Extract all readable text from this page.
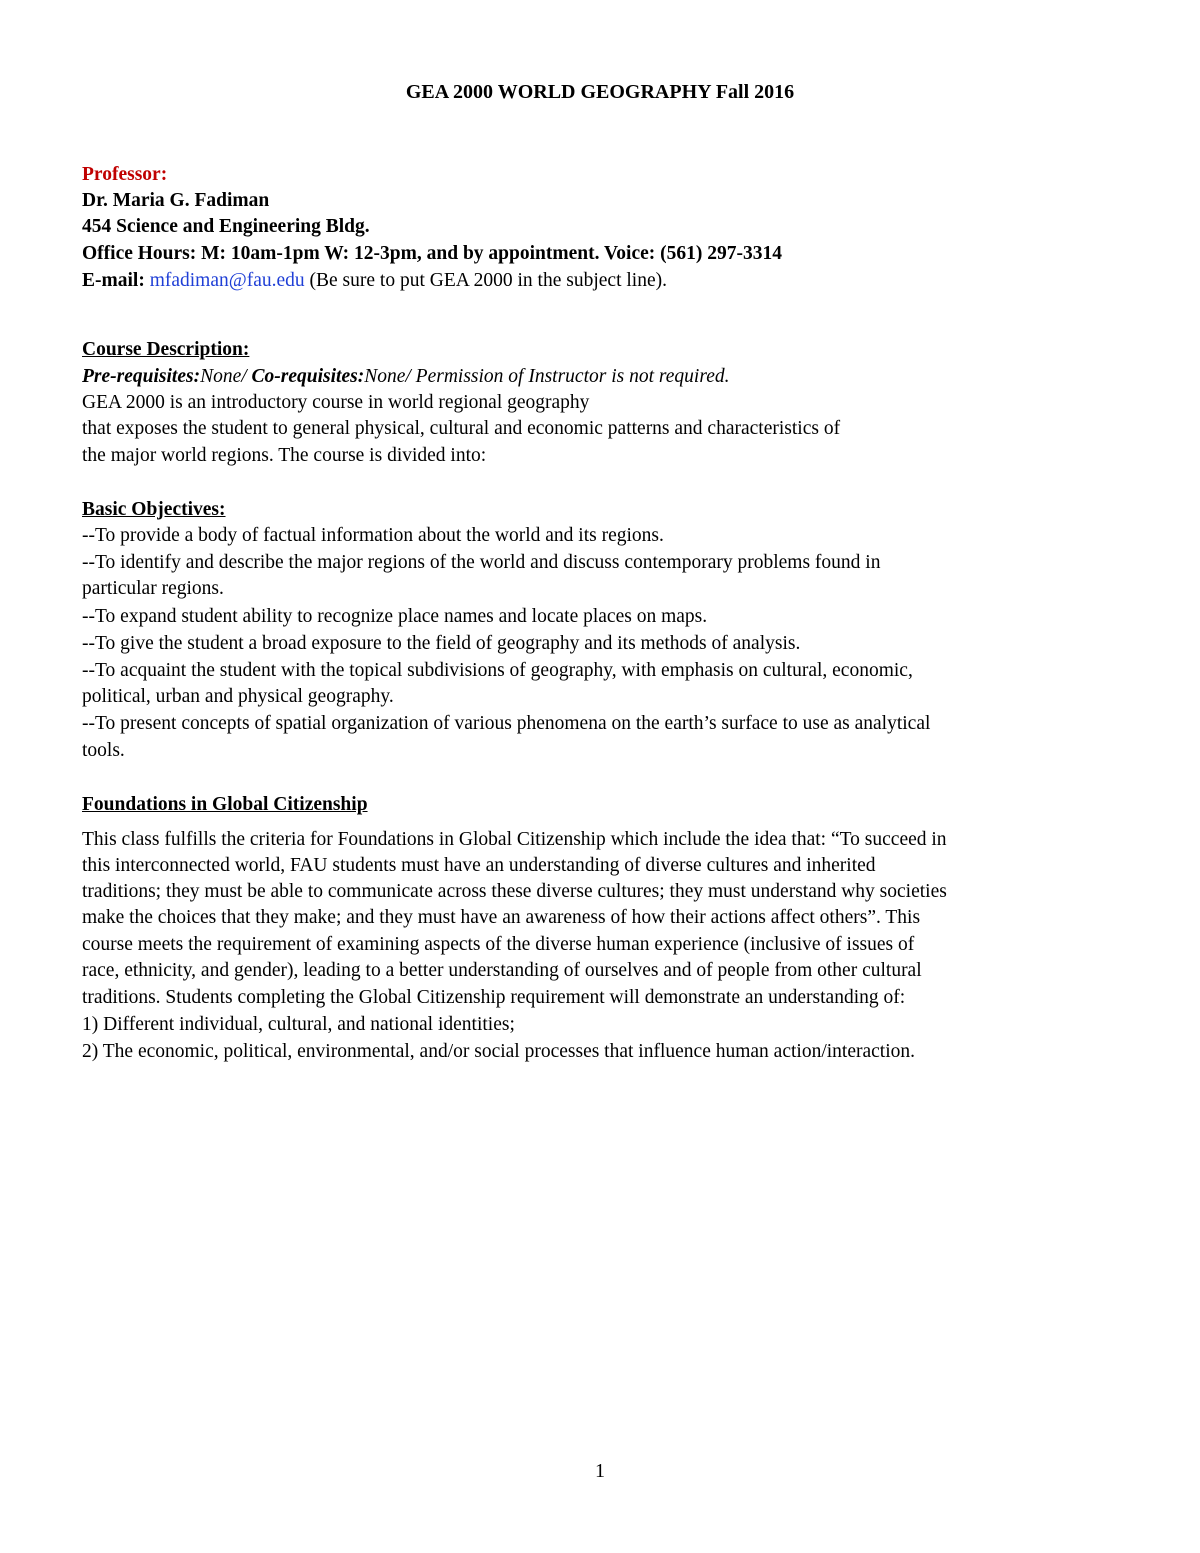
GEA 2000 WORLD GEOGRAPHY Fall 2016
Professor:
Dr. Maria G. Fadiman
454 Science and Engineering Bldg.
Office Hours: M: 10am-1pm W: 12-3pm, and by appointment. Voice: (561) 297-3314
E-mail: mfadiman@fau.edu (Be sure to put GEA 2000 in the subject line).
Course Description:
Pre-requisites:None/ Co-requisites:None/ Permission of Instructor is not required.
GEA 2000 is an introductory course in world regional geography
that exposes the student to general physical, cultural and economic patterns and characteristics of
the major world regions. The course is divided into:
Basic Objectives:
--To provide a body of factual information about the world and its regions.
--To identify and describe the major regions of the world and discuss contemporary problems found in
particular regions.
--To expand student ability to recognize place names and locate places on maps.
--To give the student a broad exposure to the field of geography and its methods of analysis.
--To acquaint the student with the topical subdivisions of geography, with emphasis on cultural, economic,
political, urban and physical geography.
--To present concepts of spatial organization of various phenomena on the earth’s surface to use as analytical
tools.
Foundations in Global Citizenship
This class fulfills the criteria for Foundations in Global Citizenship which include the idea that: “To succeed in
this interconnected world, FAU students must have an understanding of diverse cultures and inherited
traditions; they must be able to communicate across these diverse cultures; they must understand why societies
make the choices that they make; and they must have an awareness of how their actions affect others”. This
course meets the requirement of examining aspects of the diverse human experience (inclusive of issues of
race, ethnicity, and gender), leading to a better understanding of ourselves and of people from other cultural
traditions. Students completing the Global Citizenship requirement will demonstrate an understanding of:
1) Different individual, cultural, and national identities;
2) The economic, political, environmental, and/or social processes that influence human action/interaction.
1
